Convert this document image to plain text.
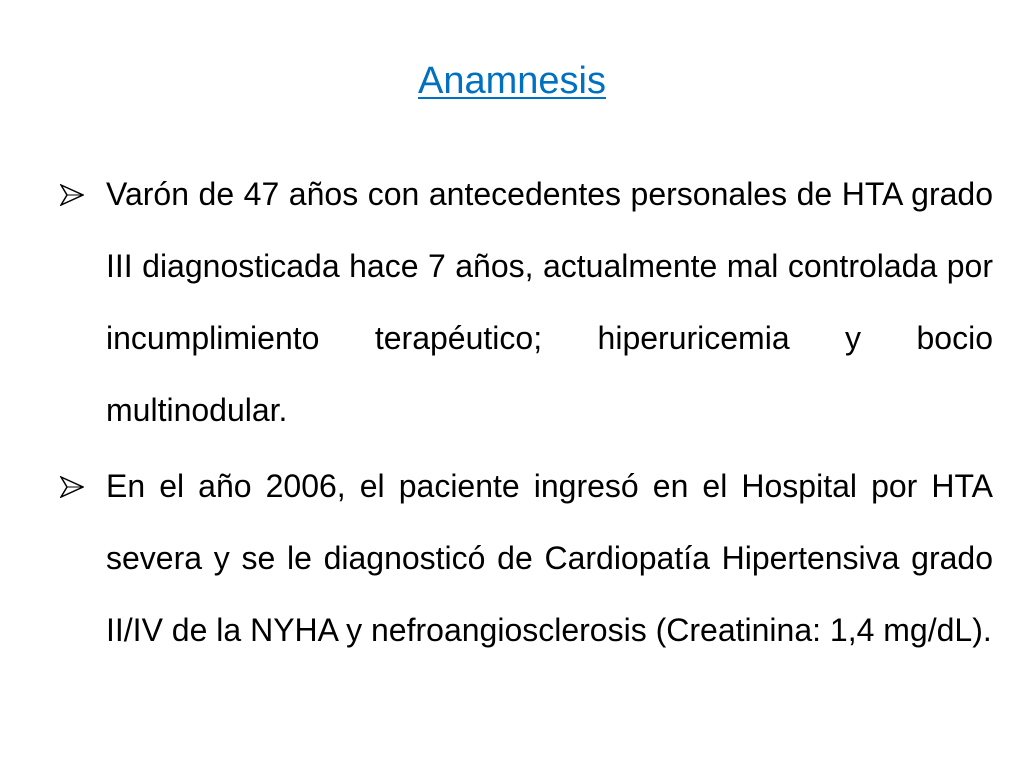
Anamnesis
Varón de 47 años con antecedentes personales de HTA grado III diagnosticada hace 7 años, actualmente mal controlada por incumplimiento terapéutico; hiperuricemia y bocio multinodular.
En el año 2006, el paciente ingresó en el Hospital por HTA severa y se le diagnosticó de Cardiopatía Hipertensiva grado II/IV de la NYHA y nefroangiosclerosis (Creatinina: 1,4 mg/dL).
